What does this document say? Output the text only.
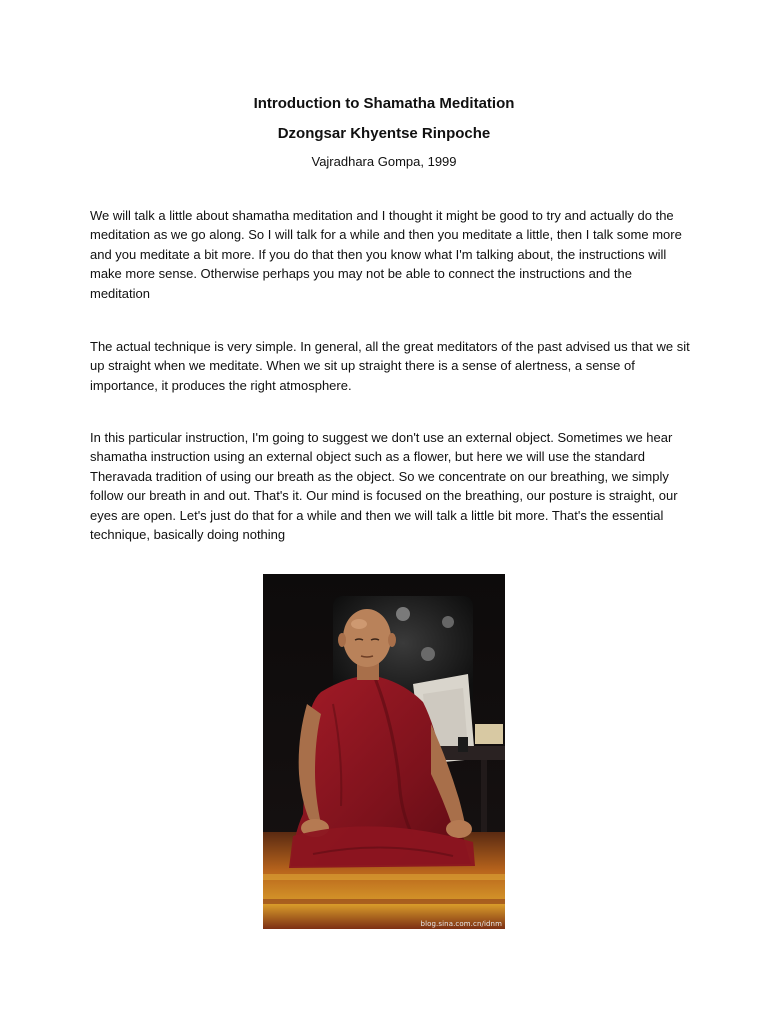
Introduction to Shamatha Meditation
Dzongsar Khyentse Rinpoche
Vajradhara Gompa, 1999

We will talk a little about shamatha meditation and I thought it might be good to try and actually do the meditation as we go along. So I will talk for a while and then you meditate a little, then I talk some more and you meditate a bit more. If you do that then you know what I'm talking about, the instructions will make more sense. Otherwise perhaps you may not be able to connect the instructions and the meditation

The actual technique is very simple. In general, all the great meditators of the past advised us that we sit up straight when we meditate. When we sit up straight there is a sense of alertness, a sense of importance, it produces the right atmosphere.

In this particular instruction, I'm going to suggest we don't use an external object. Sometimes we hear shamatha instruction using an external object such as a flower, but here we will use the standard Theravada tradition of using our breath as the object. So we concentrate on our breathing, we simply follow our breath in and out. That's it. Our mind is focused on the breathing, our posture is straight, our eyes are open. Let's just do that for a while and then we will talk a little bit more. That's the essential technique, basically doing nothing

blog.sina.com.cn/idnm
